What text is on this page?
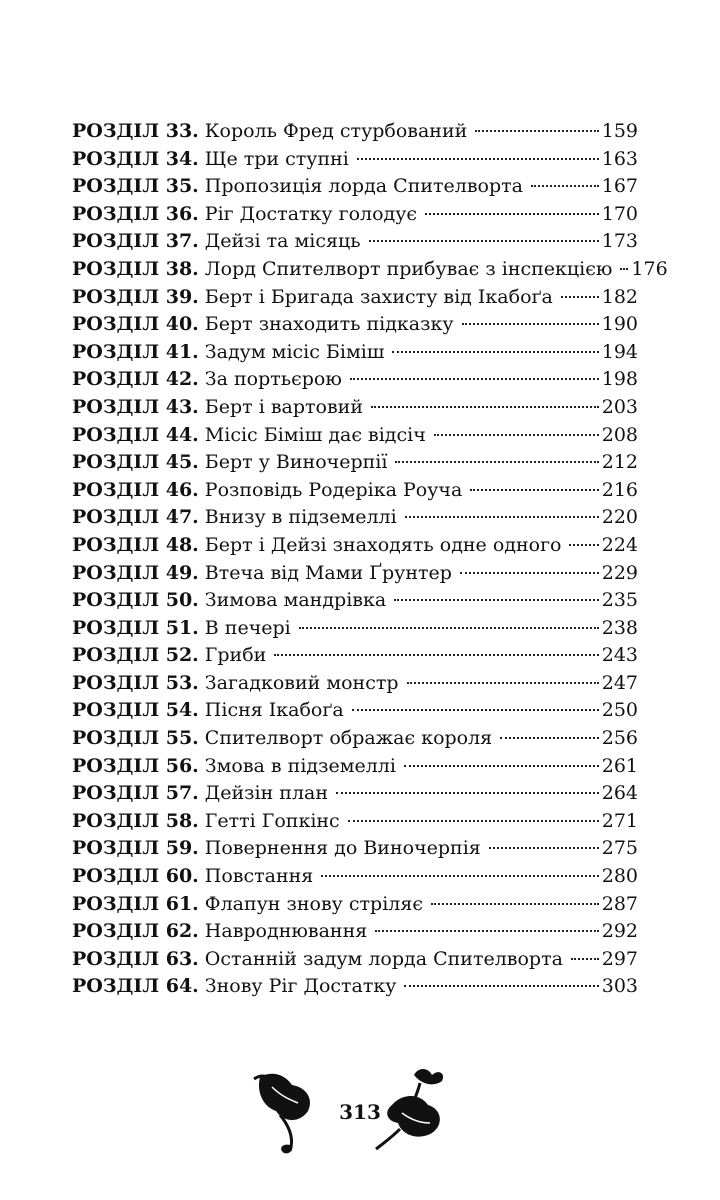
РОЗДІЛ 33. Король Фред стурбований	159
РОЗДІЛ 34. Ще три ступні	163
РОЗДІЛ 35. Пропозиція лорда Спителворта	167
РОЗДІЛ 36. Ріг Достатку голодує	170
РОЗДІЛ 37. Дейзі та місяць	173
РОЗДІЛ 38. Лорд Спителворт прибуває з інспекцією 176
РОЗДІЛ 39. Берт і Бригада захисту від Ікабоґа	182
РОЗДІЛ 40. Берт знаходить підказку	190
РОЗДІЛ 41. Задум місіс Біміш	194
РОЗДІЛ 42. За портьєрою	198
РОЗДІЛ 43. Берт і вартовий	203
РОЗДІЛ 44. Місіс Біміш дає відсіч	208
РОЗДІЛ 45. Берт у Виночерпії	212
РОЗДІЛ 46. Розповідь Родеріка Роуча	216
РОЗДІЛ 47. Внизу в підземеллі	220
РОЗДІЛ 48. Берт і Дейзі знаходять одне одного 224
РОЗДІЛ 49. Втеча від Мами Ґрунтер	229
РОЗДІЛ 50. Зимова мандрівка	235
РОЗДІЛ 51. В печері	238
РОЗДІЛ 52. Гриби	243
РОЗДІЛ 53. Загадковий монстр	247
РОЗДІЛ 54. Пісня Ікабоґа	250
РОЗДІЛ 55. Спителворт ображає короля	256
РОЗДІЛ 56. Змова в підземеллі	261
РОЗДІЛ 57. Дейзін план	264
РОЗДІЛ 58. Гетті Гопкінс	271
РОЗДІЛ 59. Повернення до Виночерпія	275
РОЗДІЛ 60. Повстання	280
РОЗДІЛ 61. Флапун знову стріляє	287
РОЗДІЛ 62. Навроднювання	292
РОЗДІЛ 63. Останній задум лорда Спителворта 297
РОЗДІЛ 64. Знову Ріг Достатку	303
313
